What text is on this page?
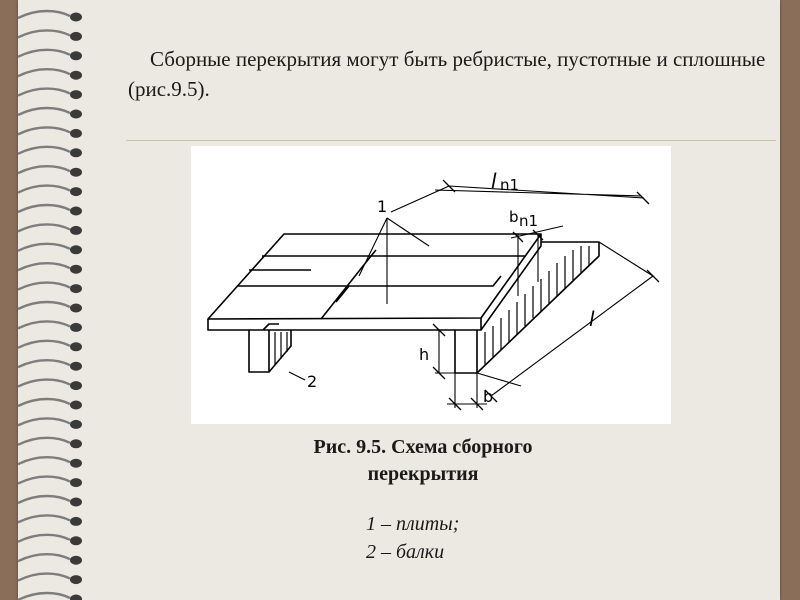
Сборные перекрытия могут быть ребристые, пустотные и сплошные (рис.9.5).
1
2
l n1
b n1
h
l
b
Рис. 9.5. Схема сборного
перекрытия
1 – плиты;
2 – балки
